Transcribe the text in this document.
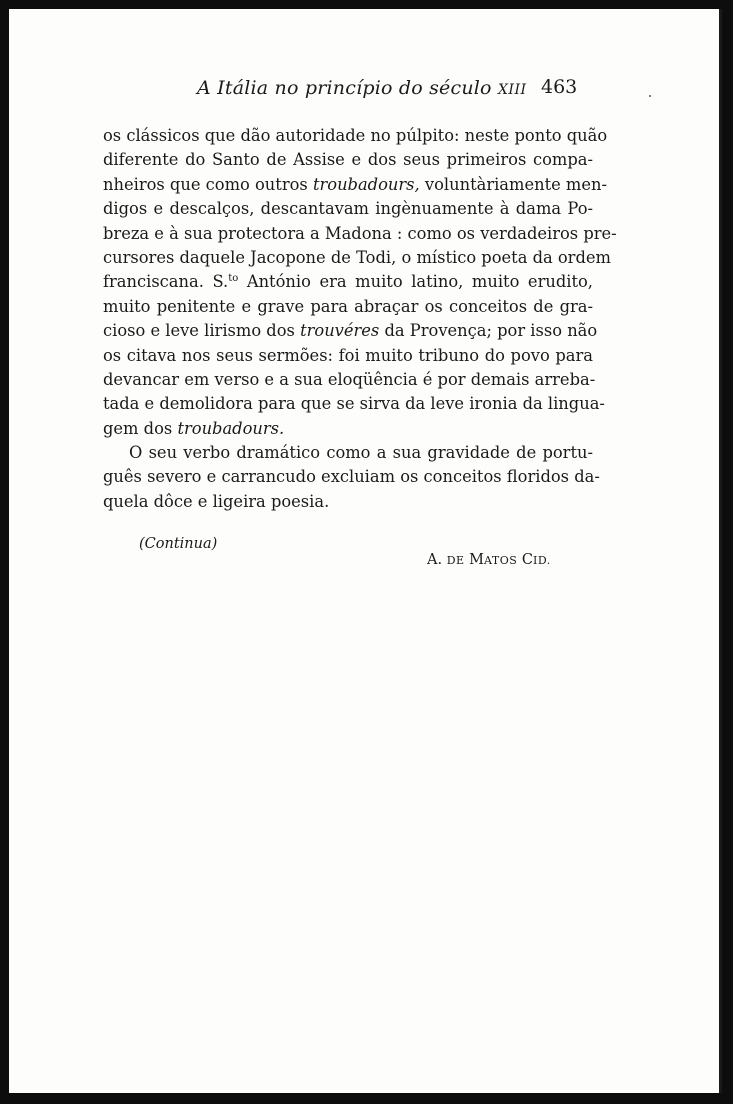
A Itália no princípio do século XIII 463
os clássicos que dão autoridade no púlpito: neste ponto quão
diferente do Santo de Assise e dos seus primeiros compa-
nheiros que como outros troubadours, voluntàriamente men-
digos e descalços, descantavam ingènuamente à dama Po-
breza e à sua protectora a Madona : como os verdadeiros pre-
cursores daquele Jacopone de Todi, o místico poeta da ordem
franciscana. S.$^{to}$ António era muito latino, muito erudito,
muito penitente e grave para abraçar os conceitos de gra-
cioso e leve lirismo dos trouvéres da Provença; por isso não
os citava nos seus sermões: foi muito tribuno do povo para
devancar em verso e a sua eloqüência é por demais arreba-
tada e demolidora para que se sirva da leve ironia da lingua-
gem dos troubadours.
O seu verbo dramático como a sua gravidade de portu-
guês severo e carrancudo excluiam os conceitos floridos da-
quela dôce e ligeira poesia.
(Continua)
A. DE MATOS CID.
